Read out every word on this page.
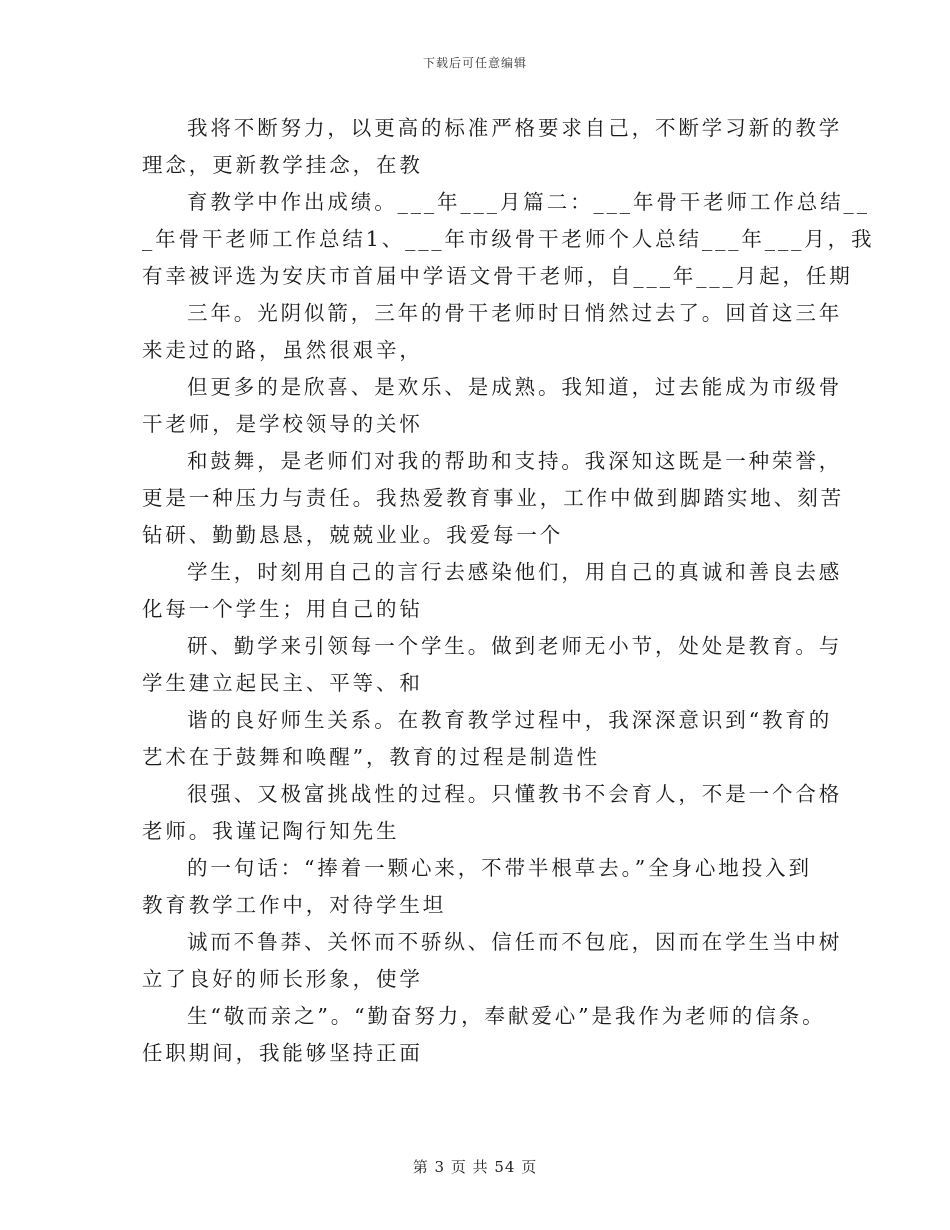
下载后可任意编辑
我将不断努力，以更高的标准严格要求自己，不断学习新的教学
理念，更新教学挂念，在教
育教学中作出成绩。___年___月篇二：___年骨干老师工作总结__
_年骨干老师工作总结1、___年市级骨干老师个人总结___年___月，我
有幸被评选为安庆市首届中学语文骨干老师，自___年___月起，任期
三年。光阴似箭，三年的骨干老师时日悄然过去了。回首这三年
来走过的路，虽然很艰辛，
但更多的是欣喜、是欢乐、是成熟。我知道，过去能成为市级骨
干老师，是学校领导的关怀
和鼓舞，是老师们对我的帮助和支持。我深知这既是一种荣誉，
更是一种压力与责任。我热爱教育事业，工作中做到脚踏实地、刻苦
钻研、勤勤恳恳，兢兢业业。我爱每一个
学生，时刻用自己的言行去感染他们，用自己的真诚和善良去感
化每一个学生；用自己的钻
研、勤学来引领每一个学生。做到老师无小节，处处是教育。与
学生建立起民主、平等、和
谐的良好师生关系。在教育教学过程中，我深深意识到“教育的
艺术在于鼓舞和唤醒”，教育的过程是制造性
很强、又极富挑战性的过程。只懂教书不会育人，不是一个合格
老师。我谨记陶行知先生
的一句话：“捧着一颗心来，不带半根草去。”全身心地投入到
教育教学工作中，对待学生坦
诚而不鲁莽、关怀而不骄纵、信任而不包庇，因而在学生当中树
立了良好的师长形象，使学
生“敬而亲之”。“勤奋努力，奉献爱心”是我作为老师的信条。
任职期间，我能够坚持正面
第 3 页 共 54 页
